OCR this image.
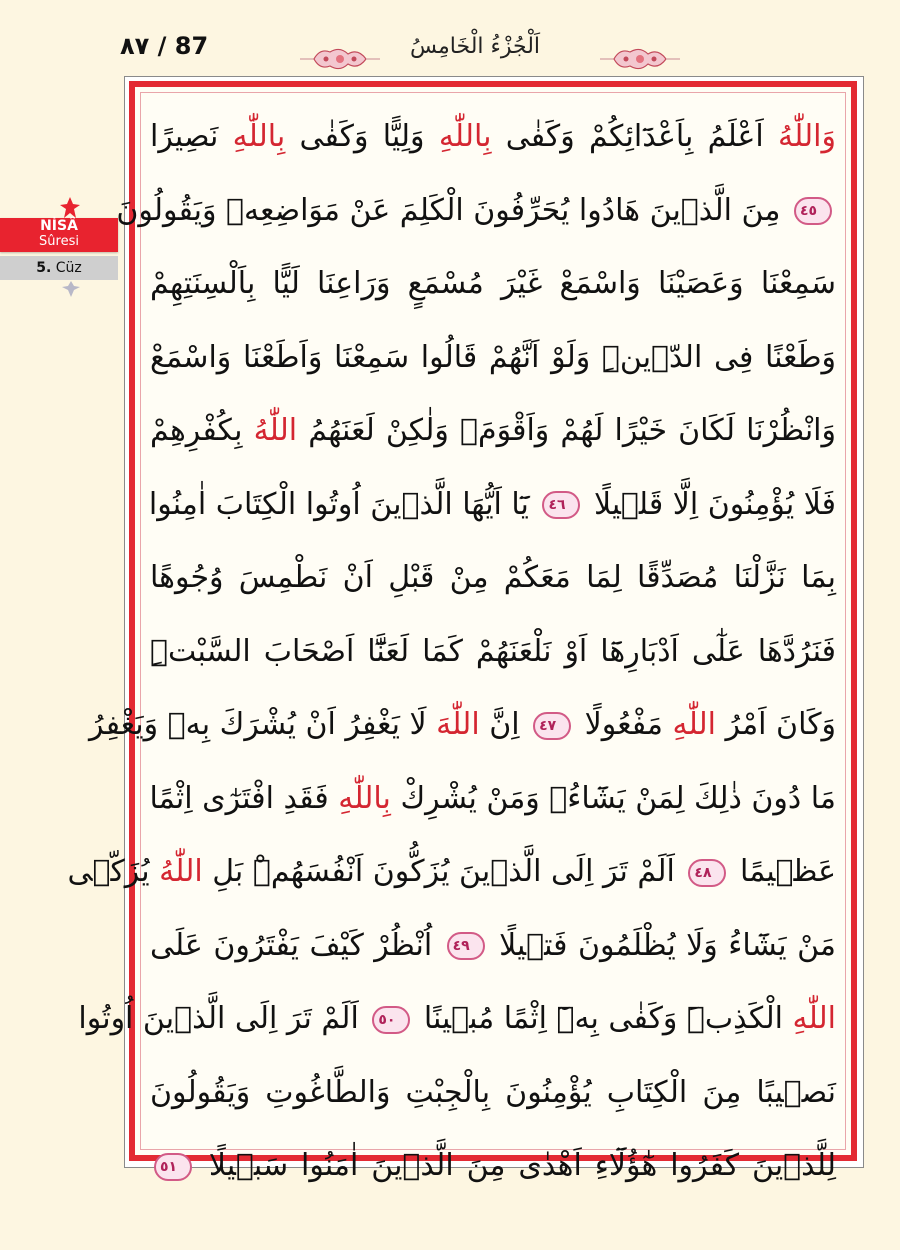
٨٧ / 87	اَلْجُزْءُ الْخَامِسُ
NİSÂ
Sûresi
5. Cüz
وَاللّٰهُ اَعْلَمُ بِاَعْدَٓائِكُمْ وَكَفٰى بِاللّٰهِ وَلِيًّا وَكَفٰى بِاللّٰهِ نَصِيرًا
٤٥ مِنَ الَّذٖينَ هَادُوا يُحَرِّفُونَ الْكَلِمَ عَنْ مَوَاضِعِهٖ وَيَقُولُونَ
سَمِعْنَا وَعَصَيْنَا وَاسْمَعْ غَيْرَ مُسْمَعٍ وَرَاعِنَا لَيًّا بِاَلْسِنَتِهِمْ
وَطَعْنًا فِى الدّٖينِۜ وَلَوْ اَنَّهُمْ قَالُوا سَمِعْنَا وَاَطَعْنَا وَاسْمَعْ
وَانْظُرْنَا لَكَانَ خَيْرًا لَهُمْ وَاَقْوَمَۙ وَلٰكِنْ لَعَنَهُمُ اللّٰهُ بِكُفْرِهِمْ
فَلَا يُؤْمِنُونَ اِلَّا قَلٖيلًا ٤٦ يَٓا اَيُّهَا الَّذٖينَ اُوتُوا الْكِتَابَ اٰمِنُوا
بِمَا نَزَّلْنَا مُصَدِّقًا لِمَا مَعَكُمْ مِنْ قَبْلِ اَنْ نَطْمِسَ وُجُوهًا
فَنَرُدَّهَا عَلٰٓى اَدْبَارِهَٓا اَوْ نَلْعَنَهُمْ كَمَا لَعَنَّٓا اَصْحَابَ السَّبْتِۜ
وَكَانَ اَمْرُ اللّٰهِ مَفْعُولًا ٤٧ اِنَّ اللّٰهَ لَا يَغْفِرُ اَنْ يُشْرَكَ بِهٖ وَيَغْفِرُ
مَا دُونَ ذٰلِكَ لِمَنْ يَشَٓاءُۚ وَمَنْ يُشْرِكْ بِاللّٰهِ فَقَدِ افْتَرٰٓى اِثْمًا
عَظٖيمًا ٤٨ اَلَمْ تَرَ اِلَى الَّذٖينَ يُزَكُّونَ اَنْفُسَهُمْۜ بَلِ اللّٰهُ يُزَكّٖى
مَنْ يَشَٓاءُ وَلَا يُظْلَمُونَ فَتٖيلًا ٤٩ اُنْظُرْ كَيْفَ يَفْتَرُونَ عَلَى
اللّٰهِ الْكَذِبَۜ وَكَفٰى بِهٖٓ اِثْمًا مُبٖينًا ٥٠ اَلَمْ تَرَ اِلَى الَّذٖينَ اُوتُوا
نَصٖيبًا مِنَ الْكِتَابِ يُؤْمِنُونَ بِالْجِبْتِ وَالطَّاغُوتِ وَيَقُولُونَ
لِلَّذٖينَ كَفَرُوا هٰٓؤُلَٓاءِ اَهْدٰى مِنَ الَّذٖينَ اٰمَنُوا سَبٖيلًا ٥١
